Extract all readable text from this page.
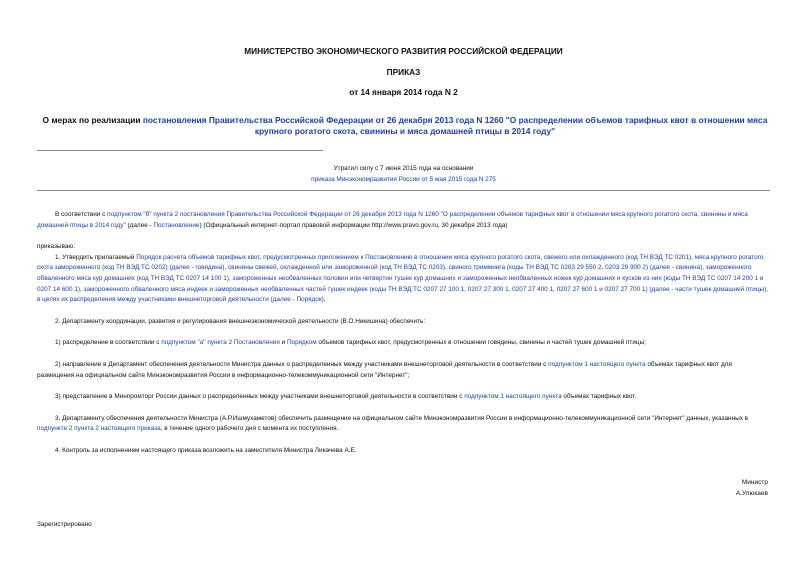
МИНИСТЕРСТВО ЭКОНОМИЧЕСКОГО РАЗВИТИЯ РОССИЙСКОЙ ФЕДЕРАЦИИ
ПРИКАЗ
от 14 января 2014 года N 2
О мерах по реализации постановления Правительства Российской Федерации от 26 декабря 2013 года N 1260 "О распределении объемов тарифных квот в отношении мяса крупного рогатого скота, свинины и мяса домашней птицы в 2014 году"
Утратил силу с 7 июня 2015 года на основании
приказа Минэкономразвития России от 5 мая 2015 года N 275
В соответствии с подпунктом "б" пункта 2 постановления Правительства Российской Федерации от 26 декабря 2013 года N 1260 "О распределении объемов тарифных квот в отношении мяса крупного рогатого скота, свинины и мяса домашней птицы в 2014 году" (далее - Постановление) (Официальный интернет-портал правовой информации http://www.pravo.gov.ru, 30 декабря 2013 года)
приказываю:
1. Утвердить прилагаемый Порядок расчета объемов тарифных квот, предусмотренных приложением к Постановлению в отношении мяса крупного рогатого скота, свежего или охлажденного (код ТН ВЭД ТС 0201), мяса крупного рогатого скота замороженного (код ТН ВЭД ТС 0202) (далее - говядина), свинины свежей, охлажденной или замороженной (код ТН ВЭД ТС 0203), свиного тримминга (коды ТН ВЭД ТС 0203 29 550 2, 0203 29 900 2) (далее - свинина), замороженного обваленного мяса кур домашних (код ТН ВЭД ТС 0207 14 100 1), замороженных необваленных половин или четвертин тушек кур домашних и замороженных необваленных ножек кур домашних и кусков из них (коды ТН ВЭД ТС 0207 14 200 1 и 0207 14 600 1), замороженного обваленного мяса индеек и замороженных необваленных частей тушек индеек (коды ТН ВЭД ТС 0207 27 100 1, 0207 27 300 1, 0207 27 400 1, 0207 27 600 1 и 0207 27 700 1) (далее - части тушек домашней птицы), в целях их распределения между участниками внешнеторговой деятельности (далее - Порядок).
2. Департаменту координации, развития и регулирования внешнеэкономической деятельности (В.О.Никишина) обеспечить:
1) распределение в соответствии с подпунктом "а" пункта 2 Постановления и Порядком объемов тарифных квот, предусмотренных в отношении говядины, свинины и частей тушек домашней птицы;
2) направление в Департамент обеспечения деятельности Министра данных о распределенных между участниками внешнеторговой деятельности в соответствии с подпунктом 1 настоящего пункта объемах тарифных квот для размещения на официальном сайте Минэкономразвития России в информационно-телекоммуникационной сети "Интернет";
3) представление в Минпромторг России данных о распределенных между участниками внешнеторговой деятельности в соответствии с подпунктом 1 настоящего пункта объемах тарифных квот.
3. Департаменту обеспечения деятельности Министра (А.Р.Ишмухаметов) обеспечить размещение на официальном сайте Минэкономразвития России в информационно-телекоммуникационной сети "Интернет" данных, указанных в подпункте 2 пункта 2 настоящего приказа, в течение одного рабочего дня с момента их поступления.
4. Контроль за исполнением настоящего приказа возложить на заместителя Министра Ликачева А.Е.
Министр
А.Улюкаев
Зарегистрировано
